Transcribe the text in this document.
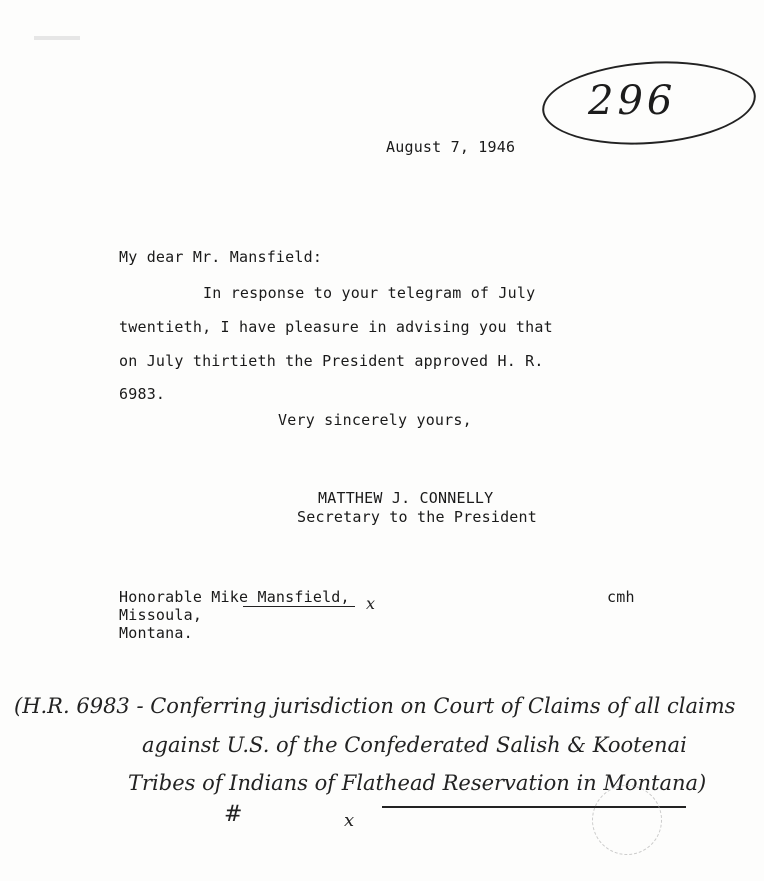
296
August 7, 1946
My dear Mr. Mansfield:
In response to your telegram of July
twentieth, I have pleasure in advising you that
on July thirtieth the President approved H. R.
6983.
Very sincerely yours,
MATTHEW J. CONNELLY
Secretary to the President
Honorable Mike Mansfield, x
Missoula,
Montana.
cmh
(H.R. 6983 - Conferring jurisdiction on Court of Claims of all claims
against U.S. of the Confederated Salish & Kootenai
Tribes of Indians of Flathead Reservation in Montana)
#	x
